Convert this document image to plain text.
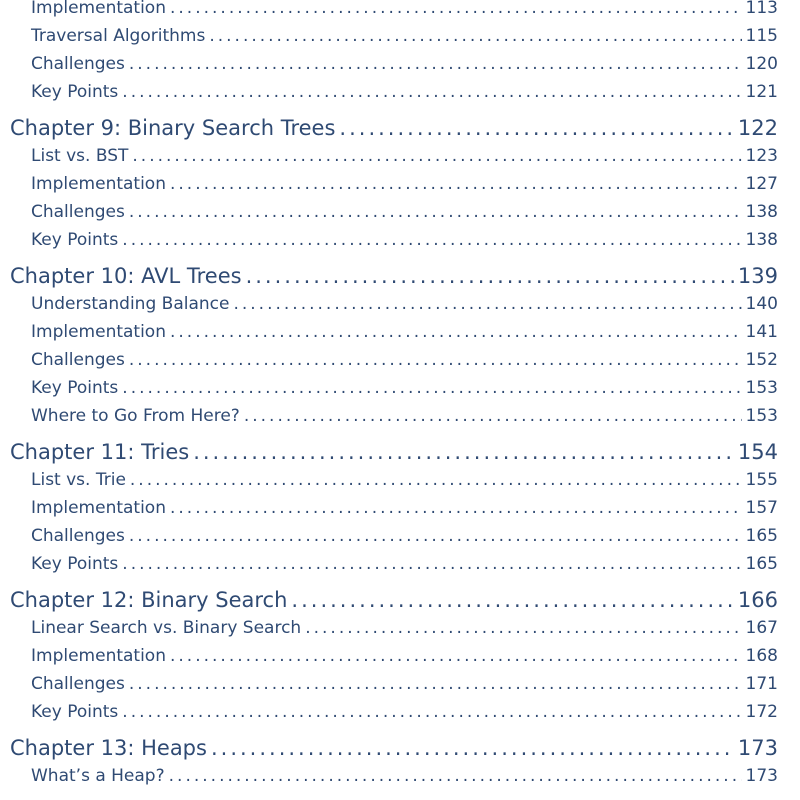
Implementation .....	113
Traversal Algorithms .....	115
Challenges .....	120
Key Points .....	121
Chapter 9: Binary Search Trees .....	122
List vs. BST .....	123
Implementation .....	127
Challenges .....	138
Key Points .....	138
Chapter 10: AVL Trees .....	139
Understanding Balance .....	140
Implementation .....	141
Challenges .....	152
Key Points .....	153
Where to Go From Here? .....	153
Chapter 11: Tries .....	154
List vs. Trie .....	155
Implementation .....	157
Challenges .....	165
Key Points .....	165
Chapter 12: Binary Search .....	166
Linear Search vs. Binary Search .....	167
Implementation .....	168
Challenges .....	171
Key Points .....	172
Chapter 13: Heaps .....	173
What’s a Heap? .....	173
